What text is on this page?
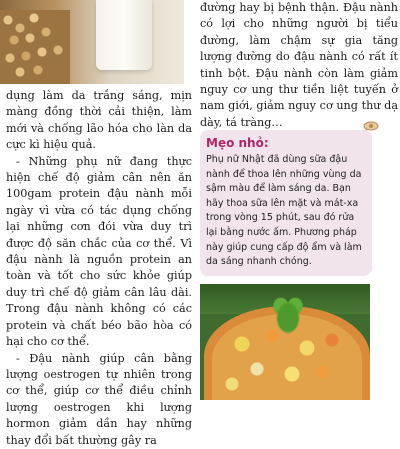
dụng làm da trắng sáng, mịn màng đồng thời cải thiện, làm mới và chống lão hóa cho làn da cực kì hiệu quả.

- Những phụ nữ đang thực hiện chế độ giảm cân nên ăn 100gam protein đậu nành mỗi ngày vì vừa có tác dụng chống lại những cơn đói vừa duy trì được độ săn chắc của cơ thể. Vì đậu nành là nguồn protein an toàn và tốt cho sức khỏe giúp duy trì chế độ giảm cân lâu dài. Trong đậu nành không có các protein và chất béo bão hòa có hại cho cơ thể.

- Đậu nành giúp cân bằng lượng oestrogen tự nhiên trong cơ thể, giúp cơ thể điều chỉnh lượng oestrogen khi lượng hormon giảm dần hay những thay đổi bất thường gây ra

đường hay bị bệnh thận. Đậu nành có lợi cho những người bị tiểu đường, làm chậm sự gia tăng lượng đường do đậu nành có rất ít tinh bột. Đậu nành còn làm giảm nguy cơ ung thư tiền liệt tuyến ở nam giới, giảm nguy cơ ung thư dạ dày, tá tràng…

Mẹo nhỏ:

Phụ nữ Nhật đã dùng sữa đậu nành để thoa lên những vùng da sậm màu để làm sáng da. Bạn hãy thoa sữa lên mặt và mát-xa trong vòng 15 phút, sau đó rửa lại bằng nước ấm. Phương pháp này giúp cung cấp độ ẩm và làm da sáng nhanh chóng.
